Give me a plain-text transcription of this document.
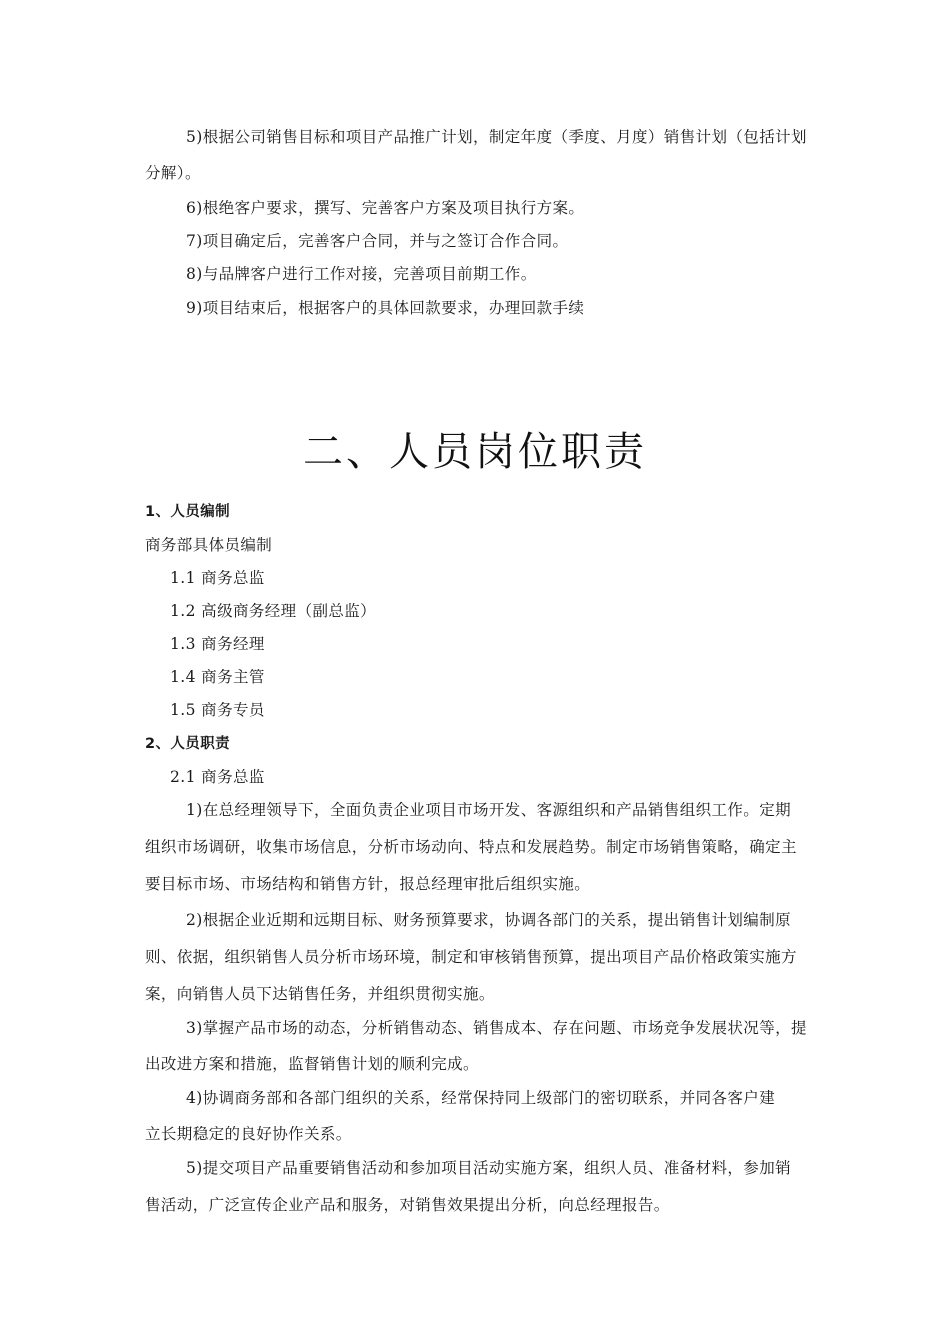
5)根据公司销售目标和项目产品推广计划，制定年度（季度、月度）销售计划（包括计划
分解）。
6)根绝客户要求，撰写、完善客户方案及项目执行方案。
7)项目确定后，完善客户合同，并与之签订合作合同。
8)与品牌客户进行工作对接，完善项目前期工作。
9)项目结束后，根据客户的具体回款要求，办理回款手续
二、人员岗位职责
1、人员编制
商务部具体员编制
1.1 商务总监
1.2 高级商务经理（副总监）
1.3 商务经理
1.4 商务主管
1.5 商务专员
2、人员职责
2.1 商务总监
1)在总经理领导下，全面负责企业项目市场开发、客源组织和产品销售组织工作。定期
组织市场调研，收集市场信息，分析市场动向、特点和发展趋势。制定市场销售策略，确定主
要目标市场、市场结构和销售方针，报总经理审批后组织实施。
2)根据企业近期和远期目标、财务预算要求，协调各部门的关系，提出销售计划编制原
则、依据，组织销售人员分析市场环境，制定和审核销售预算，提出项目产品价格政策实施方
案，向销售人员下达销售任务，并组织贯彻实施。
3)掌握产品市场的动态，分析销售动态、销售成本、存在问题、市场竞争发展状况等，提
出改进方案和措施，监督销售计划的顺利完成。
4)协调商务部和各部门组织的关系，经常保持同上级部门的密切联系，并同各客户建
立长期稳定的良好协作关系。
5)提交项目产品重要销售活动和参加项目活动实施方案，组织人员、准备材料，参加销
售活动，广泛宣传企业产品和服务，对销售效果提出分析，向总经理报告。
